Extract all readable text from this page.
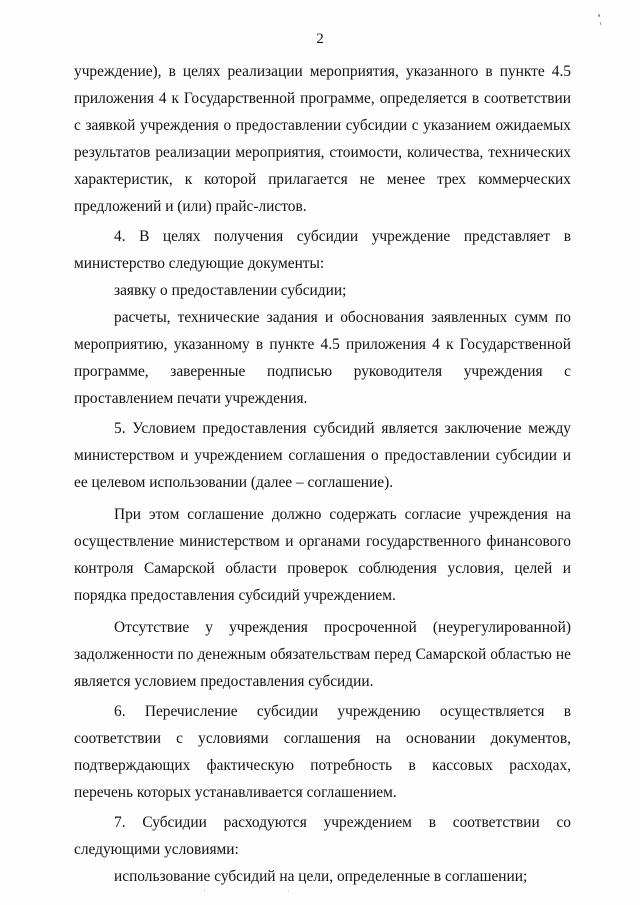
2

учреждение), в целях реализации мероприятия, указанного в пункте 4.5 приложения 4 к Государственной программе, определяется в соответствии с заявкой учреждения о предоставлении субсидии с указанием ожидаемых результатов реализации мероприятия, стоимости, количества, технических характеристик, к которой прилагается не менее трех коммерческих предложений и (или) прайс-листов.

4. В целях получения субсидии учреждение представляет в министерство следующие документы:

заявку о предоставлении субсидии;

расчеты, технические задания и обоснования заявленных сумм по мероприятию, указанному в пункте 4.5 приложения 4 к Государственной программе, заверенные подписью руководителя учреждения с проставлением печати учреждения.

5. Условием предоставления субсидий является заключение между министерством и учреждением соглашения о предоставлении субсидии и ее целевом использовании (далее – соглашение).

При этом соглашение должно содержать согласие учреждения на осуществление министерством и органами государственного финансового контроля Самарской области проверок соблюдения условия, целей и порядка предоставления субсидий учреждением.

Отсутствие у учреждения просроченной (неурегулированной) задолженности по денежным обязательствам перед Самарской областью не является условием предоставления субсидии.

6. Перечисление субсидии учреждению осуществляется в соответствии с условиями соглашения на основании документов, подтверждающих фактическую потребность в кассовых расходах, перечень которых устанавливается соглашением.

7. Субсидии расходуются учреждением в соответствии со следующими условиями:

использование субсидий на цели, определенные в соглашении;
